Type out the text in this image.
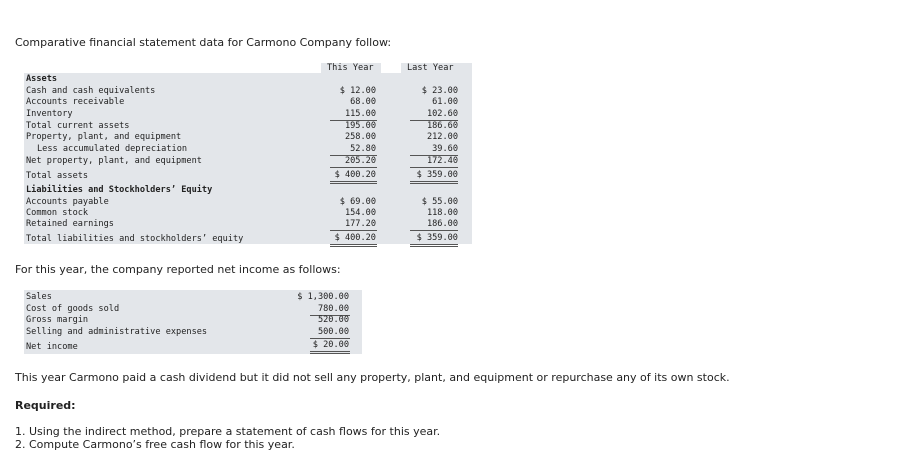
Comparative financial statement data for Carmono Company follow:
This Year	Last Year
Assets
Cash and cash equivalents	$ 12.00	$ 23.00
Accounts receivable	68.00	61.00
Inventory	115.00	102.60
Total current assets	195.00	186.60
Property, plant, and equipment	258.00	212.00
Less accumulated depreciation	52.80	39.60
Net property, plant, and equipment	205.20	172.40
Total assets	$ 400.20	$ 359.00
Liabilities and Stockholders’ Equity
Accounts payable	$ 69.00	$ 55.00
Common stock	154.00	118.00
Retained earnings	177.20	186.00
Total liabilities and stockholders’ equity	$ 400.20	$ 359.00
For this year, the company reported net income as follows:
Sales	$ 1,300.00
Cost of goods sold	780.00
Gross margin	520.00
Selling and administrative expenses	500.00
Net income	$ 20.00
This year Carmono paid a cash dividend but it did not sell any property, plant, and equipment or repurchase any of its own stock.
Required:
1. Using the indirect method, prepare a statement of cash flows for this year.
2. Compute Carmono’s free cash flow for this year.
